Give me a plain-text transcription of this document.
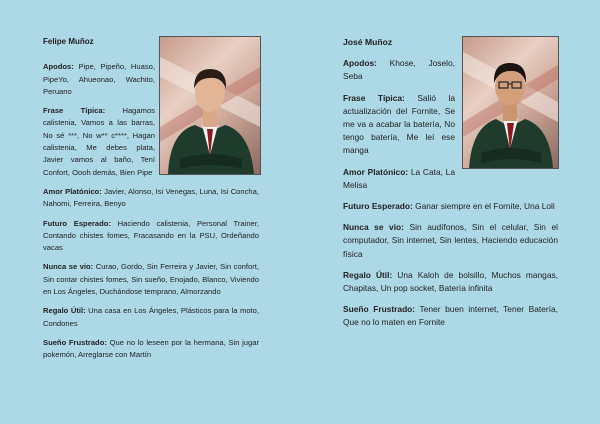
Felipe Muñoz

Apodos: Pipe, Pipeño, Huaso, PipeYo, Ahueonao, Wachito, Peruano

Frase Típica: Hagamos calistenia, Vamos a las barras, No sé ***, No w** c****, Hagan calistenia, Me debes plata, Javier vamos al baño, Tení Confort, Oooh demás, Bien Pipe

Amor Platónico: Javier, Alonso, Isi Venegas, Luna, Isi Concha, Nahomi, Ferreira, Benyo

Futuro Esperado: Haciendo calistenia, Personal Trainer, Contando chistes fomes, Fracasando en la PSU, Ordeñando vacas

Nunca se vio: Curao, Gordo, Sin Ferreira y Javier, Sin confort, Sin contar chistes fomes, Sin sueño, Enojado, Blanco, Viviendo en Los Ángeles, Duchándose temprano, Almorzando

Regalo Útil: Una casa en Los Ángeles, Plásticos para la moto, Condones

Sueño Frustrado: Que no lo leseen por la hermana, Sin jugar pokemón, Arreglarse con Martín

José Muñoz

Apodos: Khose, Joselo, Seba

Frase Típica: Salió la actualización del Fornite, Se me va a acabar la batería, No tengo batería, Me leí ese manga

Amor Platónico: La Cata, La Melisa

Futuro Esperado: Ganar siempre en el Fornite, Una Loli

Nunca se vio: Sin audífonos, Sin el celular, Sin el computador, Sin internet, Sin lentes, Haciendo educación física

Regalo Útil: Una Kaloh de bolsillo, Muchos mangas, Chapitas, Un pop socket, Batería infinita

Sueño Frustrado: Tener buen internet, Tener Batería, Que no lo maten en Fornite
